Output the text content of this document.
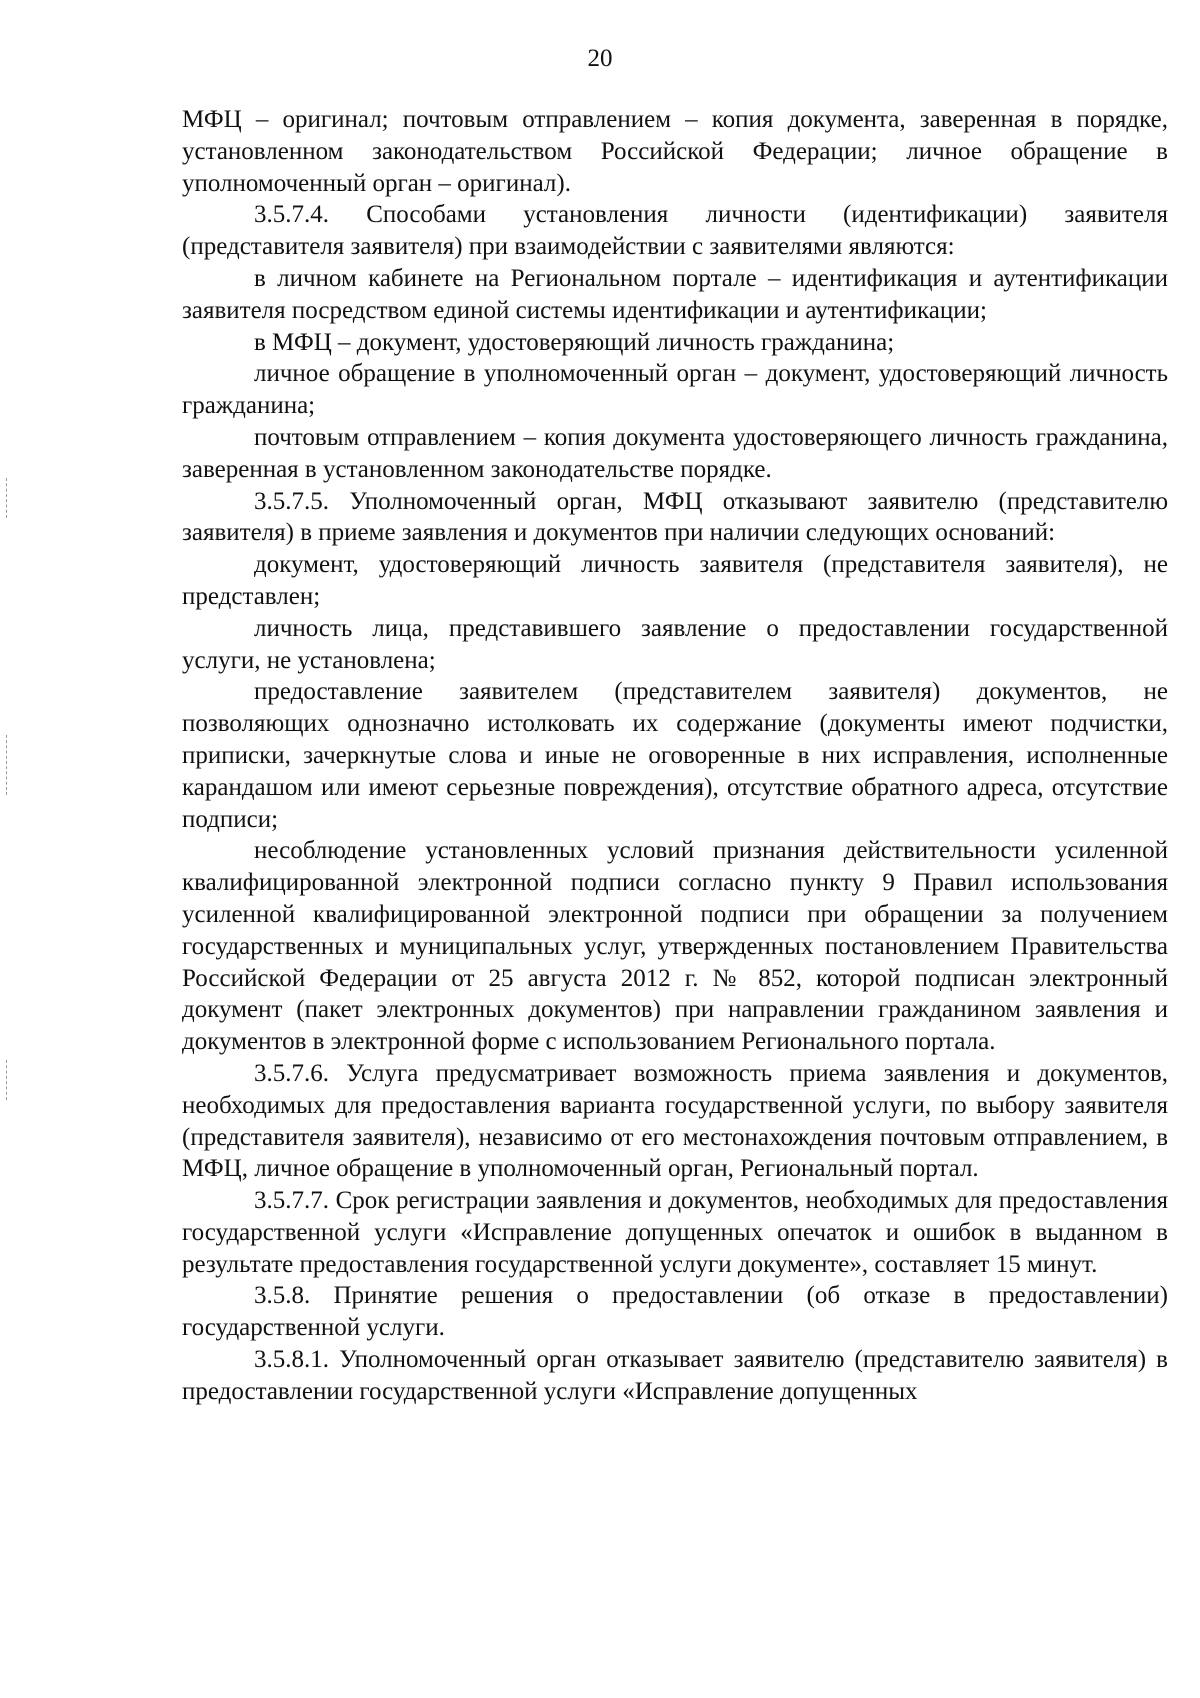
20

МФЦ – оригинал; почтовым отправлением – копия документа, заверенная в порядке, установленном законодательством Российской Федерации; личное обращение в уполномоченный орган – оригинал).

3.5.7.4. Способами установления личности (идентификации) заявителя (представителя заявителя) при взаимодействии с заявителями являются:

в личном кабинете на Региональном портале – идентификация и аутентификации заявителя посредством единой системы идентификации и аутентификации;

в МФЦ – документ, удостоверяющий личность гражданина;

личное обращение в уполномоченный орган – документ, удостоверяющий личность гражданина;

почтовым отправлением – копия документа удостоверяющего личность гражданина, заверенная в установленном законодательстве порядке.

3.5.7.5. Уполномоченный орган, МФЦ отказывают заявителю (представителю заявителя) в приеме заявления и документов при наличии следующих оснований:

документ, удостоверяющий личность заявителя (представителя заявителя), не представлен;

личность лица, представившего заявление о предоставлении государственной услуги, не установлена;

предоставление заявителем (представителем заявителя) документов, не позволяющих однозначно истолковать их содержание (документы имеют подчистки, приписки, зачеркнутые слова и иные не оговоренные в них исправления, исполненные карандашом или имеют серьезные повреждения), отсутствие обратного адреса, отсутствие подписи;

несоблюдение установленных условий признания действительности усиленной квалифицированной электронной подписи согласно пункту 9 Правил использования усиленной квалифицированной электронной подписи при обращении за получением государственных и муниципальных услуг, утвержденных постановлением Правительства Российской Федерации от 25 августа 2012 г. № 852, которой подписан электронный документ (пакет электронных документов) при направлении гражданином заявления и документов в электронной форме с использованием Регионального портала.

3.5.7.6. Услуга предусматривает возможность приема заявления и документов, необходимых для предоставления варианта государственной услуги, по выбору заявителя (представителя заявителя), независимо от его местонахождения почтовым отправлением, в МФЦ, личное обращение в уполномоченный орган, Региональный портал.

3.5.7.7. Срок регистрации заявления и документов, необходимых для предоставления государственной услуги «Исправление допущенных опечаток и ошибок в выданном в результате предоставления государственной услуги документе», составляет 15 минут.

3.5.8. Принятие решения о предоставлении (об отказе в предоставлении) государственной услуги.

3.5.8.1. Уполномоченный орган отказывает заявителю (представителю заявителя) в предоставлении государственной услуги «Исправление допущенных
